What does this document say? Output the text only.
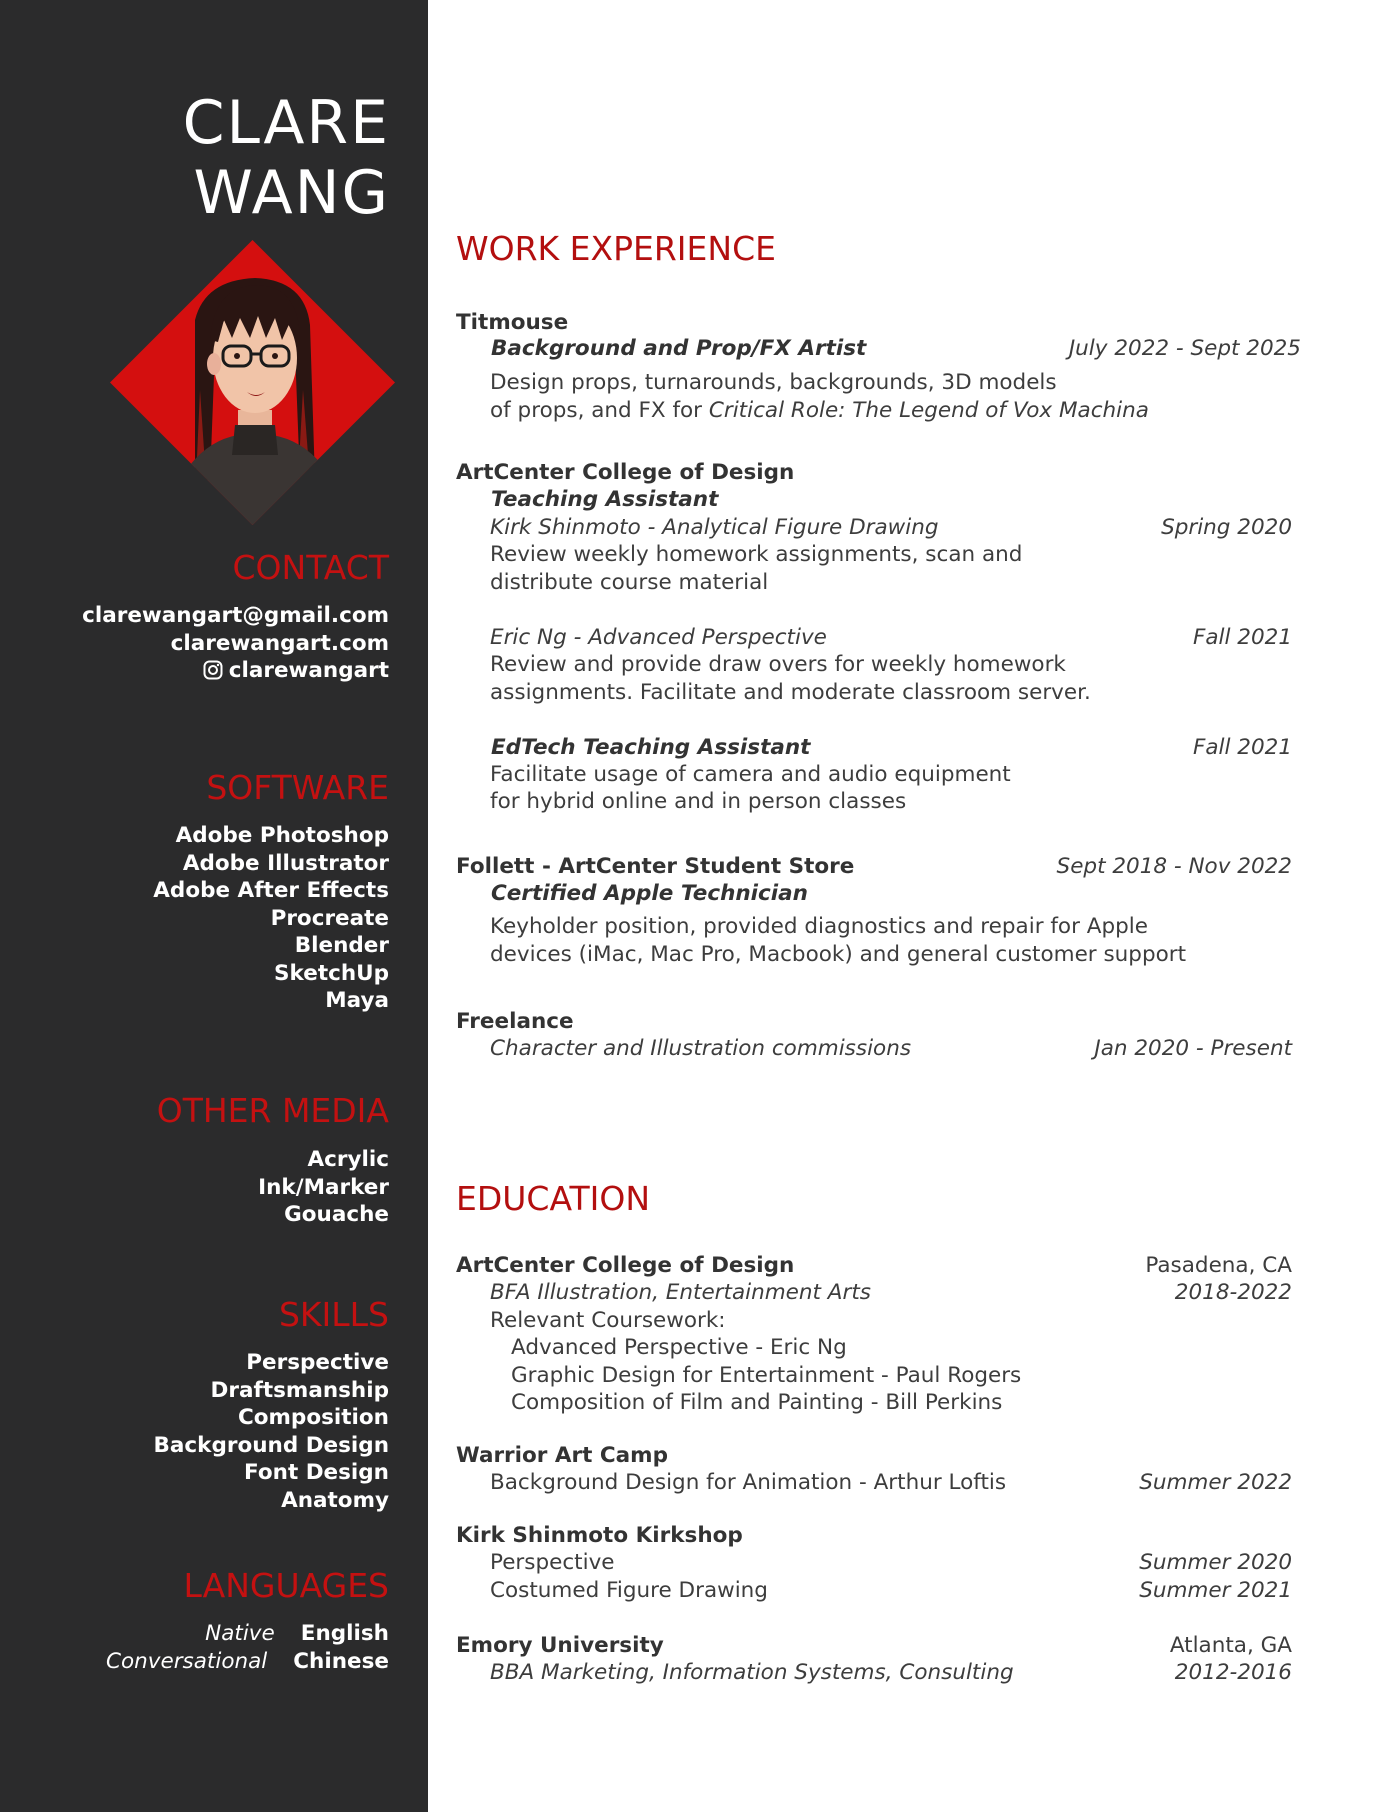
CLARE
WANG
CONTACT
clarewangart@gmail.com
clarewangart.com
clarewangart
SOFTWARE
Adobe Photoshop
Adobe Illustrator
Adobe After Effects
Procreate
Blender
SketchUp
Maya
OTHER MEDIA
Acrylic
Ink/Marker
Gouache
SKILLS
Perspective
Draftsmanship
Composition
Background Design
Font Design
Anatomy
LANGUAGES
Native English
Conversational Chinese
WORK EXPERIENCE
Titmouse
Background and Prop/FX Artist	July 2022 - Sept 2025
Design props, turnarounds, backgrounds, 3D models
of props, and FX for Critical Role: The Legend of Vox Machina
ArtCenter College of Design
Teaching Assistant
Kirk Shinmoto - Analytical Figure Drawing	Spring 2020
Review weekly homework assignments, scan and
distribute course material
Eric Ng - Advanced Perspective	Fall 2021
Review and provide draw overs for weekly homework
assignments. Facilitate and moderate classroom server.
EdTech Teaching Assistant	Fall 2021
Facilitate usage of camera and audio equipment
for hybrid online and in person classes
Follett - ArtCenter Student Store	Sept 2018 - Nov 2022
Certified Apple Technician
Keyholder position, provided diagnostics and repair for Apple
devices (iMac, Mac Pro, Macbook) and general customer support
Freelance
Character and Illustration commissions	Jan 2020 - Present
EDUCATION
ArtCenter College of Design	Pasadena, CA
BFA Illustration, Entertainment Arts	2018-2022
Relevant Coursework:
Advanced Perspective - Eric Ng
Graphic Design for Entertainment - Paul Rogers
Composition of Film and Painting - Bill Perkins
Warrior Art Camp
Background Design for Animation - Arthur Loftis	Summer 2022
Kirk Shinmoto Kirkshop
Perspective	Summer 2020
Costumed Figure Drawing	Summer 2021
Emory University	Atlanta, GA
BBA Marketing, Information Systems, Consulting	2012-2016
